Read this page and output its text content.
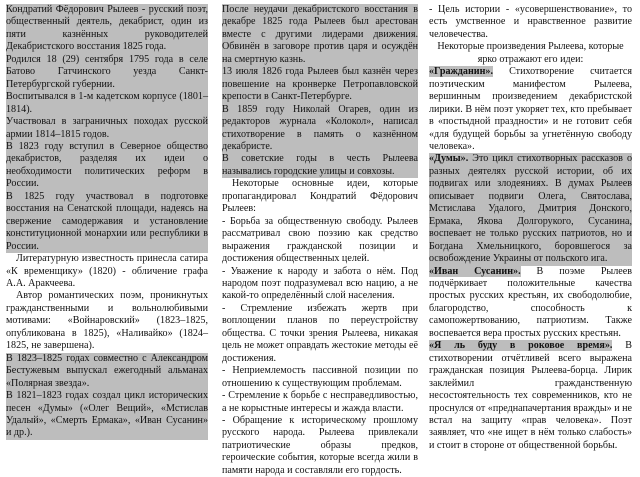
Кондратий Фёдорович Рылеев - русский поэт, общественный деятель, декабрист, один из пяти казнённых руководителей Декабристского восстания 1825 года.

Родился 18 (29) сентября 1795 года в селе Батово Гатчинского уезда Санкт-Петербургской губернии.

Воспитывался в 1-м кадетском корпусе (1801–1814).

Участвовал в заграничных походах русской армии 1814–1815 годов.

В 1823 году вступил в Северное общество декабристов, разделяя их идеи о необходимости политических реформ в России.

В 1825 году участвовал в подготовке восстания на Сенатской площади, надеясь на свержение самодержавия и установление конституционной монархии или республики в России.

Литературную известность принесла сатира «К временщику» (1820) - обличение графа А.А. Аракчеева.

Автор романтических поэм, проникнутых гражданственными и вольнолюбивыми мотивами: «Войнаровский» (1823–1825, опубликована в 1825), «Наливайко» (1824–1825, не завершена).

В 1823–1825 годах совместно с Александром Бестужевым выпускал ежегодный альманах «Полярная звезда».

В 1821–1823 годах создал цикл исторических песен «Думы» («Олег Вещий», «Мстислав Удалый», «Смерть Ермака», «Иван Сусанин» и др.).

После неудачи декабристского восстания в декабре 1825 года Рылеев был арестован вместе с другими лидерами движения. Обвинён в заговоре против царя и осуждён на смертную казнь.

13 июля 1826 года Рылеев был казнён через повешение на кронверке Петропавловской крепости в Санкт-Петербурге.

В 1859 году Николай Огарев, один из редакторов журнала «Колокол», написал стихотворение в память о казнённом декабристе.

В советские годы в честь Рылеева назывались городские улицы и совхозы.

Некоторые основные идеи, которые пропагандировал Кондратий Фёдорович Рылеев:

- Борьба за общественную свободу. Рылеев рассматривал свою поэзию как средство выражения гражданской позиции и достижения общественных целей.

- Уважение к народу и забота о нём. Под народом поэт подразумевал всю нацию, а не какой-то определённый слой населения.

- Стремление избежать жертв при воплощении планов по переустройству общества. С точки зрения Рылеева, никакая цель не может оправдать жестокие методы её достижения.

- Неприемлемость пассивной позиции по отношению к существующим проблемам.

- Стремление к борьбе с несправедливостью, а не корыстные интересы и жажда власти.

- Обращение к историческому прошлому русского народа. Рылеева привлекали патриотические образы предков, героические события, которые всегда жили в памяти народа и составляли его гордость.

- Цель истории - «усовершенствование», то есть умственное и нравственное развитие человечества.

Некоторые произведения Рылеева, которые ярко отражают его идеи:

«Гражданин». Стихотворение считается поэтическим манифестом Рылеева, вершинным произведением декабристской лирики. В нём поэт укоряет тех, кто пребывает в «постыдной праздности» и не готовит себя «для будущей борьбы за угнетённую свободу человека».

«Думы». Это цикл стихотворных рассказов о разных деятелях русской истории, об их подвигах или злодеяниях. В думах Рылеев описывает подвиги Олега, Святослава, Мстислава Удалого, Дмитрия Донского, Ермака, Якова Долгорукого, Сусанина, воспевает не только русских патриотов, но и Богдана Хмельницкого, боровшегося за освобождение Украины от польского ига.

«Иван Сусанин». В поэме Рылеев подчёркивает положительные качества простых русских крестьян, их свободолюбие, благородство, способность к самопожертвованию, патриотизм. Также воспевается вера простых русских крестьян.

«Я ль буду в роковое время». В стихотворении отчётливей всего выражена гражданская позиция Рылеева-борца. Лирик заклеймил гражданственную несостоятельность тех современников, кто не проснулся от «преднапачертания вражды» и не встал на защиту «прав человека». Поэт заявляет, что «не ищет в нём только слабость» и стоит в стороне от общественной борьбы.
